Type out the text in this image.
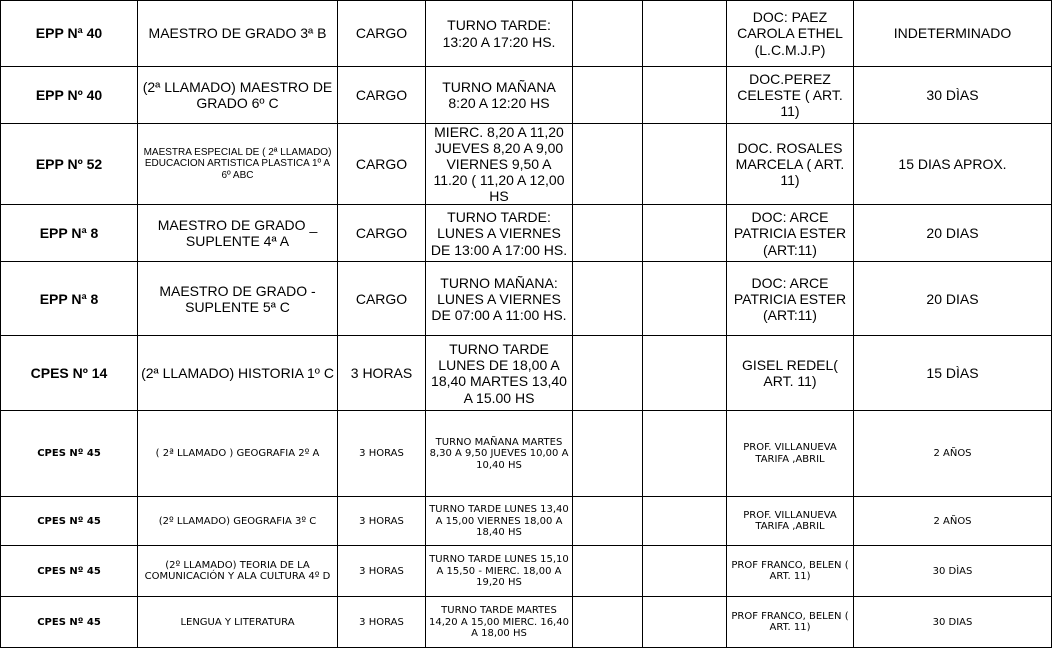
EPP Nª 40	MAESTRO DE GRADO 3ª B	CARGO	TURNO TARDE: 13:20 A 17:20 HS.			DOC: PAEZ CAROLA ETHEL (L.C.M.J.P)	INDETERMINADO
EPP Nº 40	(2ª LLAMADO) MAESTRO DE GRADO 6º C	CARGO	TURNO MAÑANA 8:20 A 12:20 HS			DOC.PEREZ CELESTE ( ART. 11)	30 DÌAS
EPP Nº 52	MAESTRA ESPECIAL DE ( 2ª LLAMADO) EDUCACION ARTISTICA PLASTICA 1º A 6º ABC	CARGO	MIERC. 8,20 A 11,20 JUEVES 8,20 A 9,00 VIERNES 9,50 A 11.20 ( 11,20 A 12,00 HS			DOC. ROSALES MARCELA ( ART. 11)	15 DIAS APROX.
EPP Nª 8	MAESTRO DE GRADO _ SUPLENTE 4ª A	CARGO	TURNO TARDE: LUNES A VIERNES DE 13:00 A 17:00 HS.			DOC: ARCE PATRICIA ESTER (ART:11)	20 DIAS
EPP Nª 8	MAESTRO DE GRADO - SUPLENTE 5ª C	CARGO	TURNO MAÑANA: LUNES A VIERNES DE 07:00 A 11:00 HS.			DOC: ARCE PATRICIA ESTER (ART:11)	20 DIAS
CPES Nº 14	(2ª LLAMADO) HISTORIA 1º C	3 HORAS	TURNO TARDE LUNES DE 18,00 A 18,40 MARTES 13,40 A 15.00 HS			GISEL REDEL( ART. 11)	15 DÌAS
CPES Nº 45	( 2ª LLAMADO ) GEOGRAFIA 2º A	3 HORAS	TURNO MAÑANA MARTES 8,30 A 9,50 JUEVES 10,00 A 10,40 HS			PROF. VILLANUEVA TARIFA ,ABRIL	2 AÑOS
CPES Nº 45	(2º LLAMADO) GEOGRAFIA 3º C	3 HORAS	TURNO TARDE LUNES 13,40 A 15,00 VIERNES 18,00 A 18,40 HS			PROF. VILLANUEVA TARIFA ,ABRIL	2 AÑOS
CPES Nº 45	(2º LLAMADO) TEORIA DE LA COMUNICACIÓN Y ALA CULTURA 4º D	3 HORAS	TURNO TARDE LUNES 15,10 A 15,50 - MIERC. 18,00 A 19,20 HS			PROF FRANCO, BELEN ( ART. 11)	30 DÌAS
CPES Nº 45	LENGUA Y LITERATURA	3 HORAS	TURNO TARDE MARTES 14,20 A 15,00 MIERC. 16,40 A 18,00 HS			PROF FRANCO, BELEN ( ART. 11)	30 DIAS
